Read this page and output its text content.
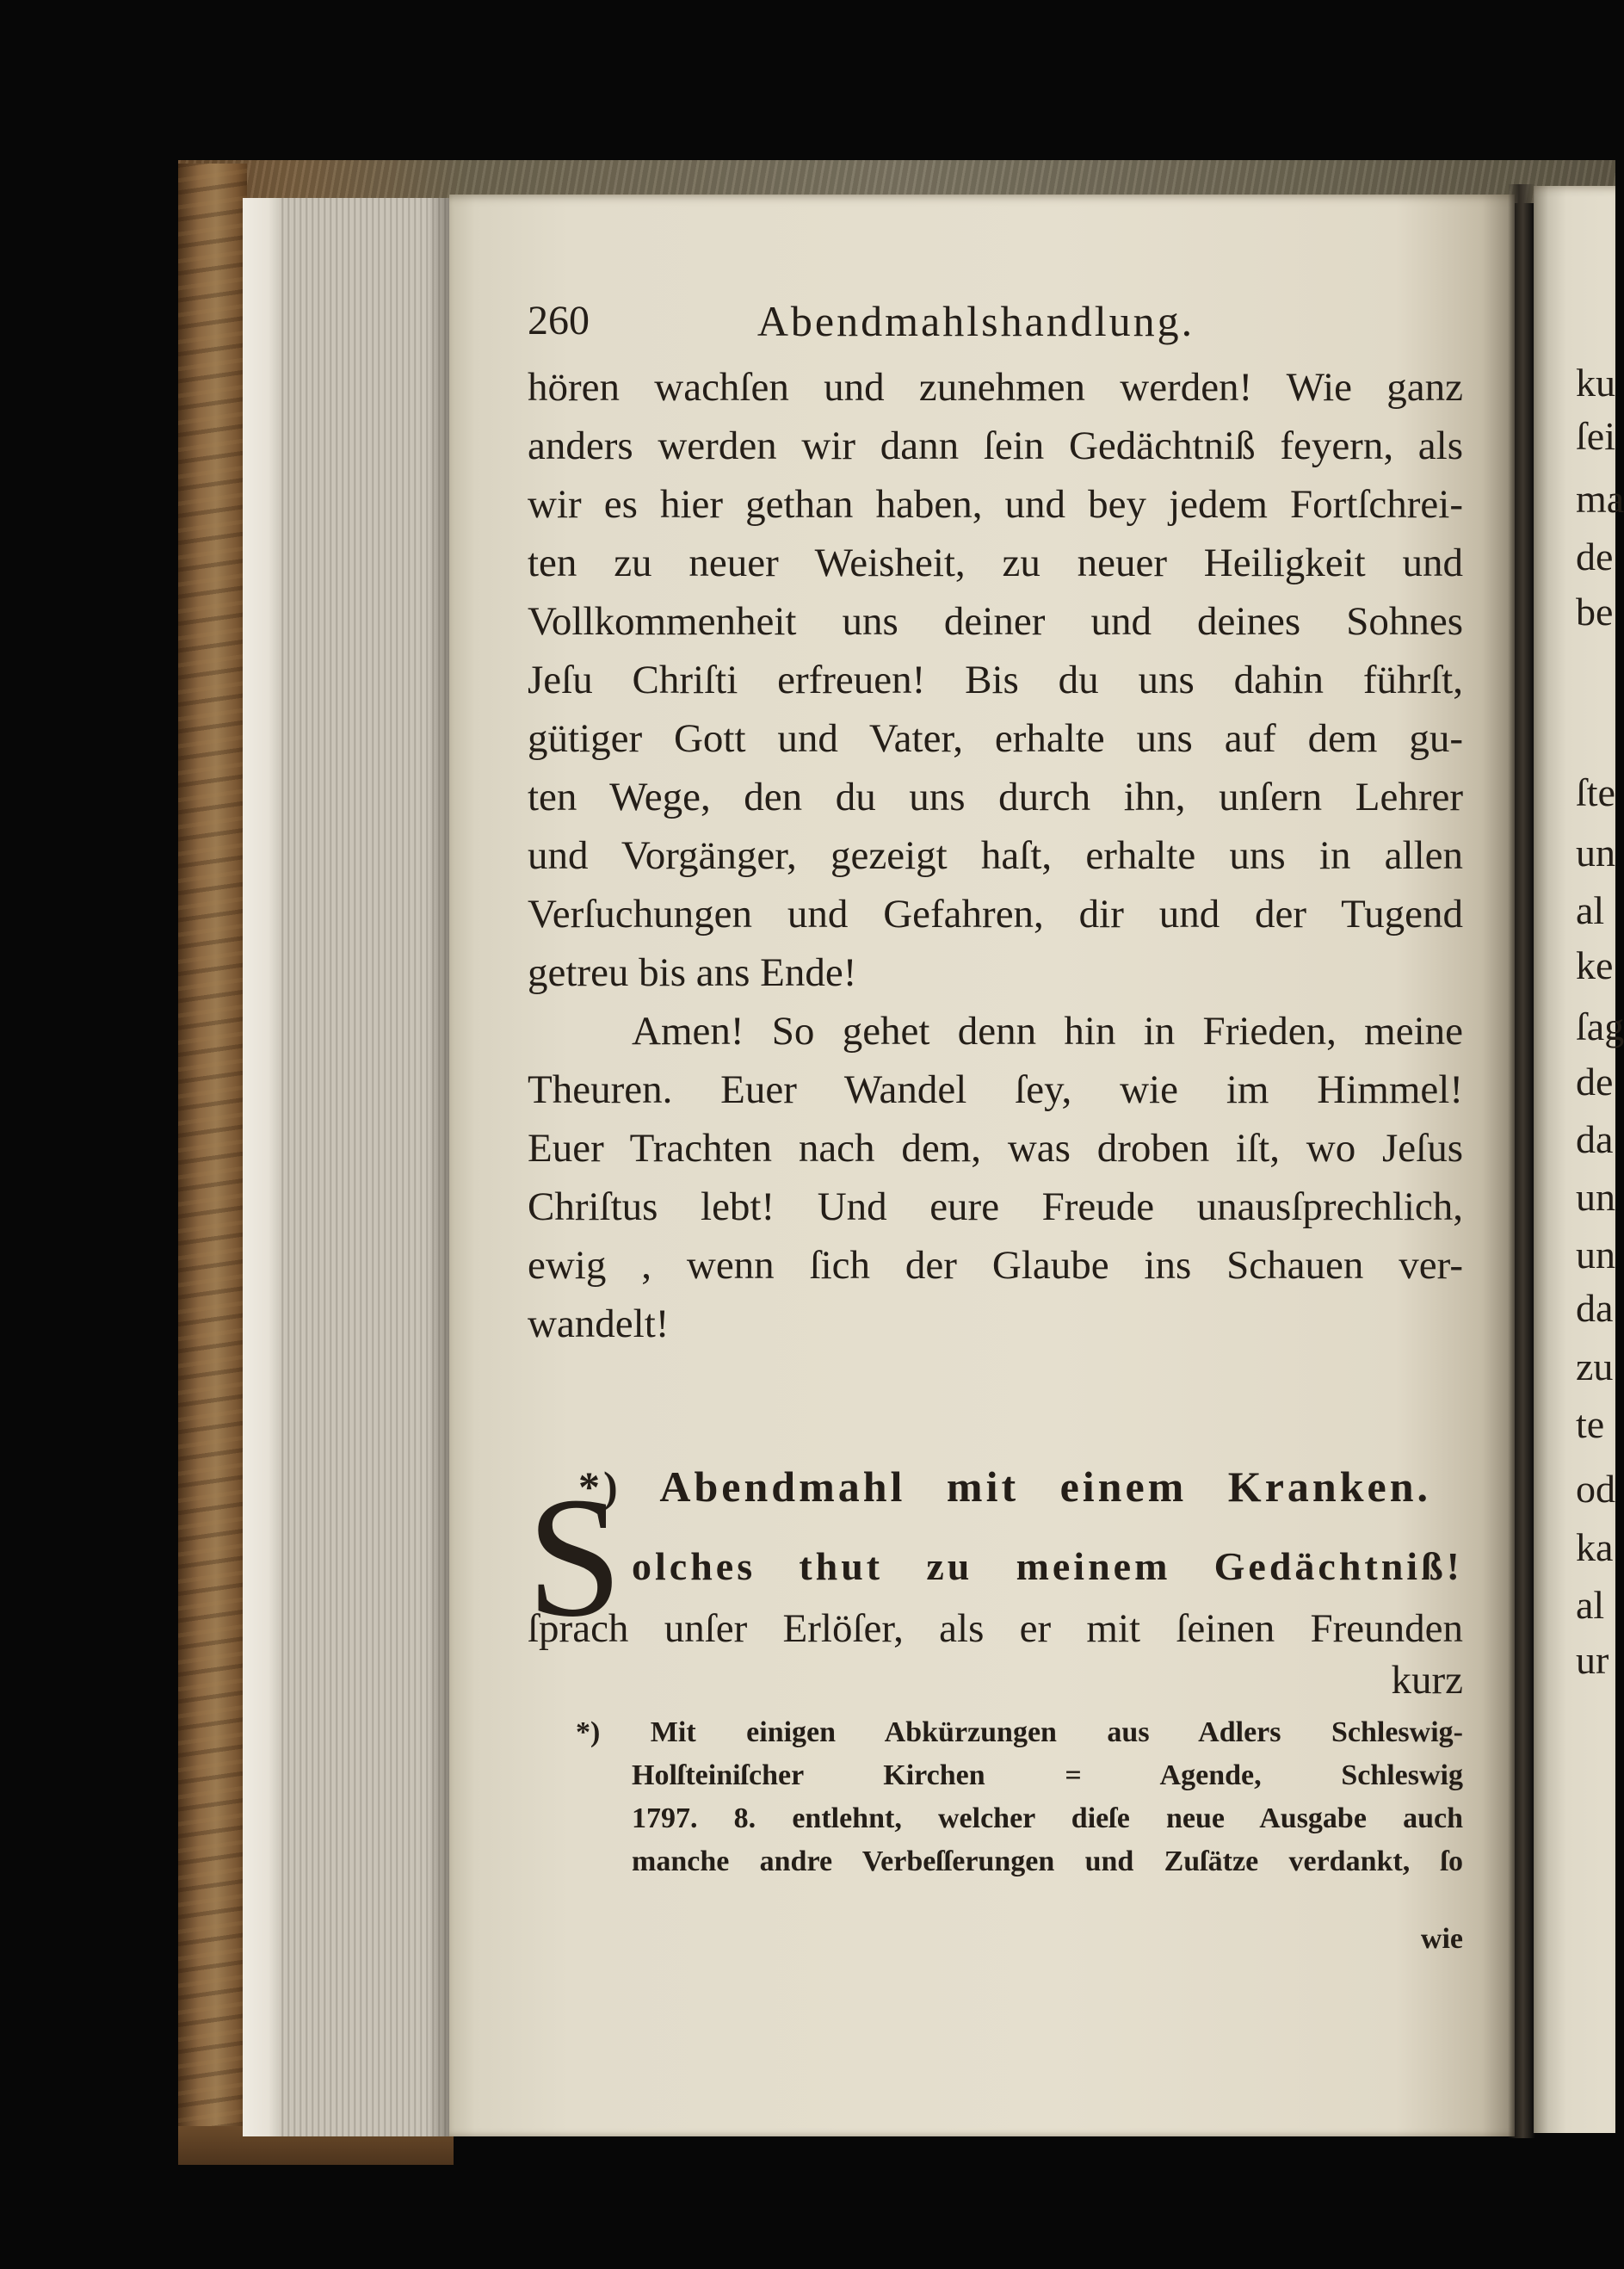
ku
ſei
ma
de
be
ſte
un
al
ke
ſag
de
da
un
un
da
zu
te
od
ka
al
ur
260	Abendmahlshandlung.
hören wachſen und zunehmen werden! Wie ganz
anders werden wir dann ſein Gedächtniß feyern, als
wir es hier gethan haben, und bey jedem Fortſchrei-
ten zu neuer Weisheit, zu neuer Heiligkeit und
Vollkommenheit uns deiner und deines Sohnes
Jeſu Chriſti erfreuen! Bis du uns dahin führſt,
gütiger Gott und Vater, erhalte uns auf dem gu-
ten Wege, den du uns durch ihn, unſern Lehrer
und Vorgänger, gezeigt haſt, erhalte uns in allen
Verſuchungen und Gefahren, dir und der Tugend
getreu bis ans Ende!
Amen! So gehet denn hin in Frieden, meine
Theuren. Euer Wandel ſey, wie im Himmel!
Euer Trachten nach dem, was droben iſt, wo Jeſus
Chriſtus lebt! Und eure Freude unausſprechlich,
ewig , wenn ſich der Glaube ins Schauen ver-
wandelt!
*) Abendmahl mit einem Kranken.
S olches thut zu meinem Gedächtniß!
ſprach unſer Erlöſer, als er mit ſeinen Freunden
kurz
*) Mit einigen Abkürzungen aus Adlers Schleswig-
Holſteiniſcher Kirchen = Agende, Schleswig
1797. 8. entlehnt, welcher dieſe neue Ausgabe auch
manche andre Verbeſſerungen und Zuſätze verdankt, ſo
wie
